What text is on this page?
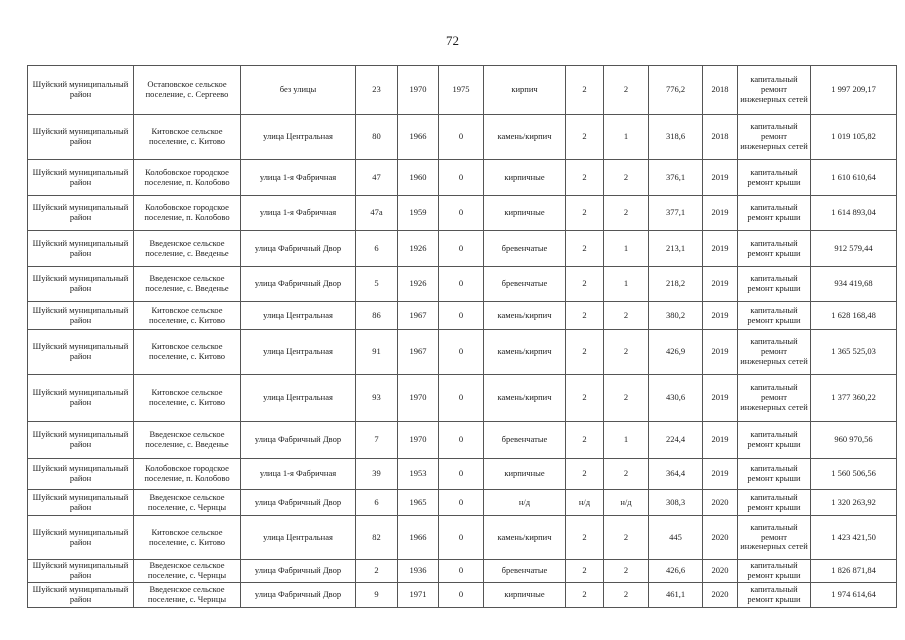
72
Шуйский муниципальный район	Остаповское сельское поселение, с. Сергеево	без улицы	23	1970	1975	кирпич	2	2	776,2	2018	капитальный ремонт инженерных сетей	1 997 209,17
Шуйский муниципальный район	Китовское сельское поселение, с. Китово	улица Центральная	80	1966	0	камень/кирпич	2	1	318,6	2018	капитальный ремонт инженерных сетей	1 019 105,82
Шуйский муниципальный район	Колобовское городское поселение, п. Колобово	улица 1-я Фабричная	47	1960	0	кирпичные	2	2	376,1	2019	капитальный ремонт крыши	1 610 610,64
Шуйский муниципальный район	Колобовское городское поселение, п. Колобово	улица 1-я Фабричная	47а	1959	0	кирпичные	2	2	377,1	2019	капитальный ремонт крыши	1 614 893,04
Шуйский муниципальный район	Введенское сельское поселение, с. Введенье	улица Фабричный Двор	6	1926	0	бревенчатые	2	1	213,1	2019	капитальный ремонт крыши	912 579,44
Шуйский муниципальный район	Введенское сельское поселение, с. Введенье	улица Фабричный Двор	5	1926	0	бревенчатые	2	1	218,2	2019	капитальный ремонт крыши	934 419,68
Шуйский муниципальный район	Китовское сельское поселение, с. Китово	улица Центральная	86	1967	0	камень/кирпич	2	2	380,2	2019	капитальный ремонт крыши	1 628 168,48
Шуйский муниципальный район	Китовское сельское поселение, с. Китово	улица Центральная	91	1967	0	камень/кирпич	2	2	426,9	2019	капитальный ремонт инженерных сетей	1 365 525,03
Шуйский муниципальный район	Китовское сельское поселение, с. Китово	улица Центральная	93	1970	0	камень/кирпич	2	2	430,6	2019	капитальный ремонт инженерных сетей	1 377 360,22
Шуйский муниципальный район	Введенское сельское поселение, с. Введенье	улица Фабричный Двор	7	1970	0	бревенчатые	2	1	224,4	2019	капитальный ремонт крыши	960 970,56
Шуйский муниципальный район	Колобовское городское поселение, п. Колобово	улица 1-я Фабричная	39	1953	0	кирпичные	2	2	364,4	2019	капитальный ремонт крыши	1 560 506,56
Шуйский муниципальный район	Введенское сельское поселение, с. Чернцы	улица Фабричный Двор	6	1965	0	н/д	н/д	н/д	308,3	2020	капитальный ремонт крыши	1 320 263,92
Шуйский муниципальный район	Китовское сельское поселение, с. Китово	улица Центральная	82	1966	0	камень/кирпич	2	2	445	2020	капитальный ремонт инженерных сетей	1 423 421,50
Шуйский муниципальный район	Введенское сельское поселение, с. Чернцы	улица Фабричный Двор	2	1936	0	бревенчатые	2	2	426,6	2020	капитальный ремонт крыши	1 826 871,84
Шуйский муниципальный район	Введенское сельское поселение, с. Чернцы	улица Фабричный Двор	9	1971	0	кирпичные	2	2	461,1	2020	капитальный ремонт крыши	1 974 614,64
